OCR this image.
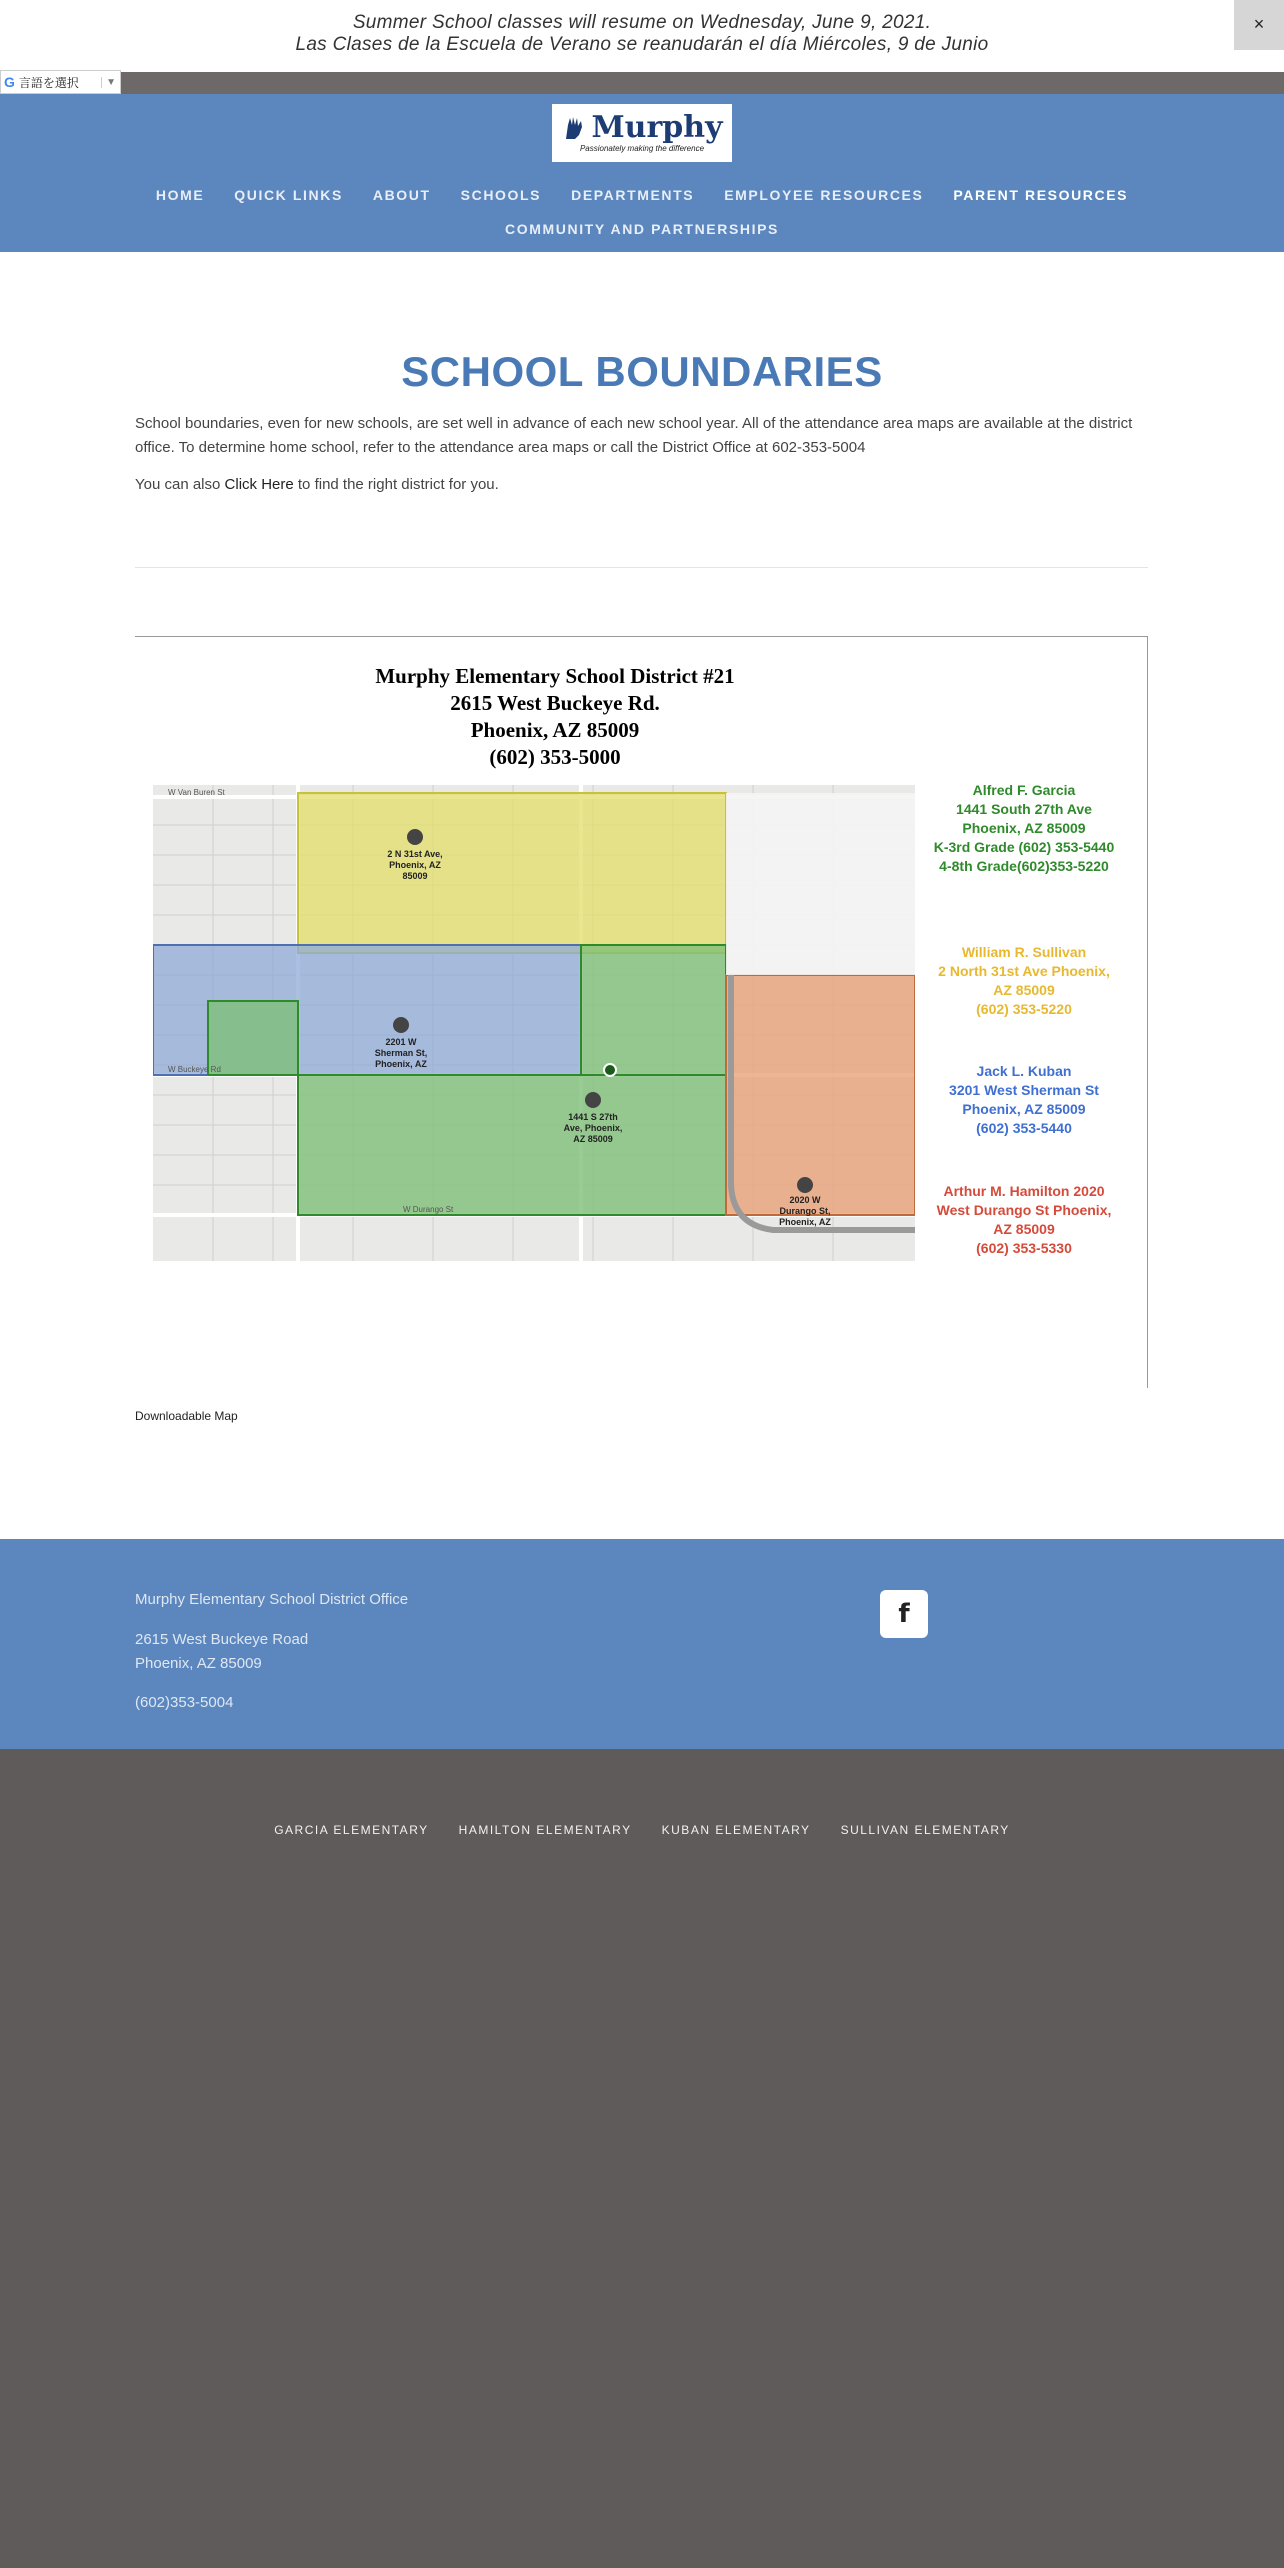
Summer School classes will resume on Wednesday, June 9, 2021.

Las Clases de la Escuela de Verano se reanudarán el día Miércoles, 9 de Junio

×
G 言語を選択	▼
Murphy
Passionately making the difference
HOME	QUICK LINKS	ABOUT	SCHOOLS	DEPARTMENTS	EMPLOYEE RESOURCES	PARENT RESOURCES
COMMUNITY AND PARTNERSHIPS
SCHOOL BOUNDARIES

School boundaries, even for new schools, are set well in advance of each new school year. All of the attendance area maps are available at the district office. To determine home school, refer to the attendance area maps or call the District Office at 602-353-5004

You can also Click Here to find the right district for you.

Murphy Elementary School District #21
2615 West Buckeye Rd.
Phoenix, AZ 85009
(602) 353-5000
2 N 31st Ave,
Phoenix, AZ
85009
2201 W
Sherman St,
Phoenix, AZ
1441 S 27th
Ave, Phoenix,
AZ 85009
2020 W
Durango St,
Phoenix, AZ
W Van Buren St
W Buckeye Rd
W Durango St
Alfred F. Garcia
1441 South 27th Ave
Phoenix, AZ 85009
K-3rd Grade (602) 353-5440
4-8th Grade(602)353-5220
William R. Sullivan
2 North 31st Ave Phoenix,
AZ 85009
(602) 353-5220
Jack L. Kuban
3201 West Sherman St
Phoenix, AZ 85009
(602) 353-5440
Arthur M. Hamilton 2020
West Durango St Phoenix,
AZ 85009
(602) 353-5330
Downloadable Map
Murphy Elementary School District Office
2615 West Buckeye Road
Phoenix, AZ 85009
(602)353-5004
f
GARCIA ELEMENTARY	HAMILTON ELEMENTARY	KUBAN ELEMENTARY	SULLIVAN ELEMENTARY
